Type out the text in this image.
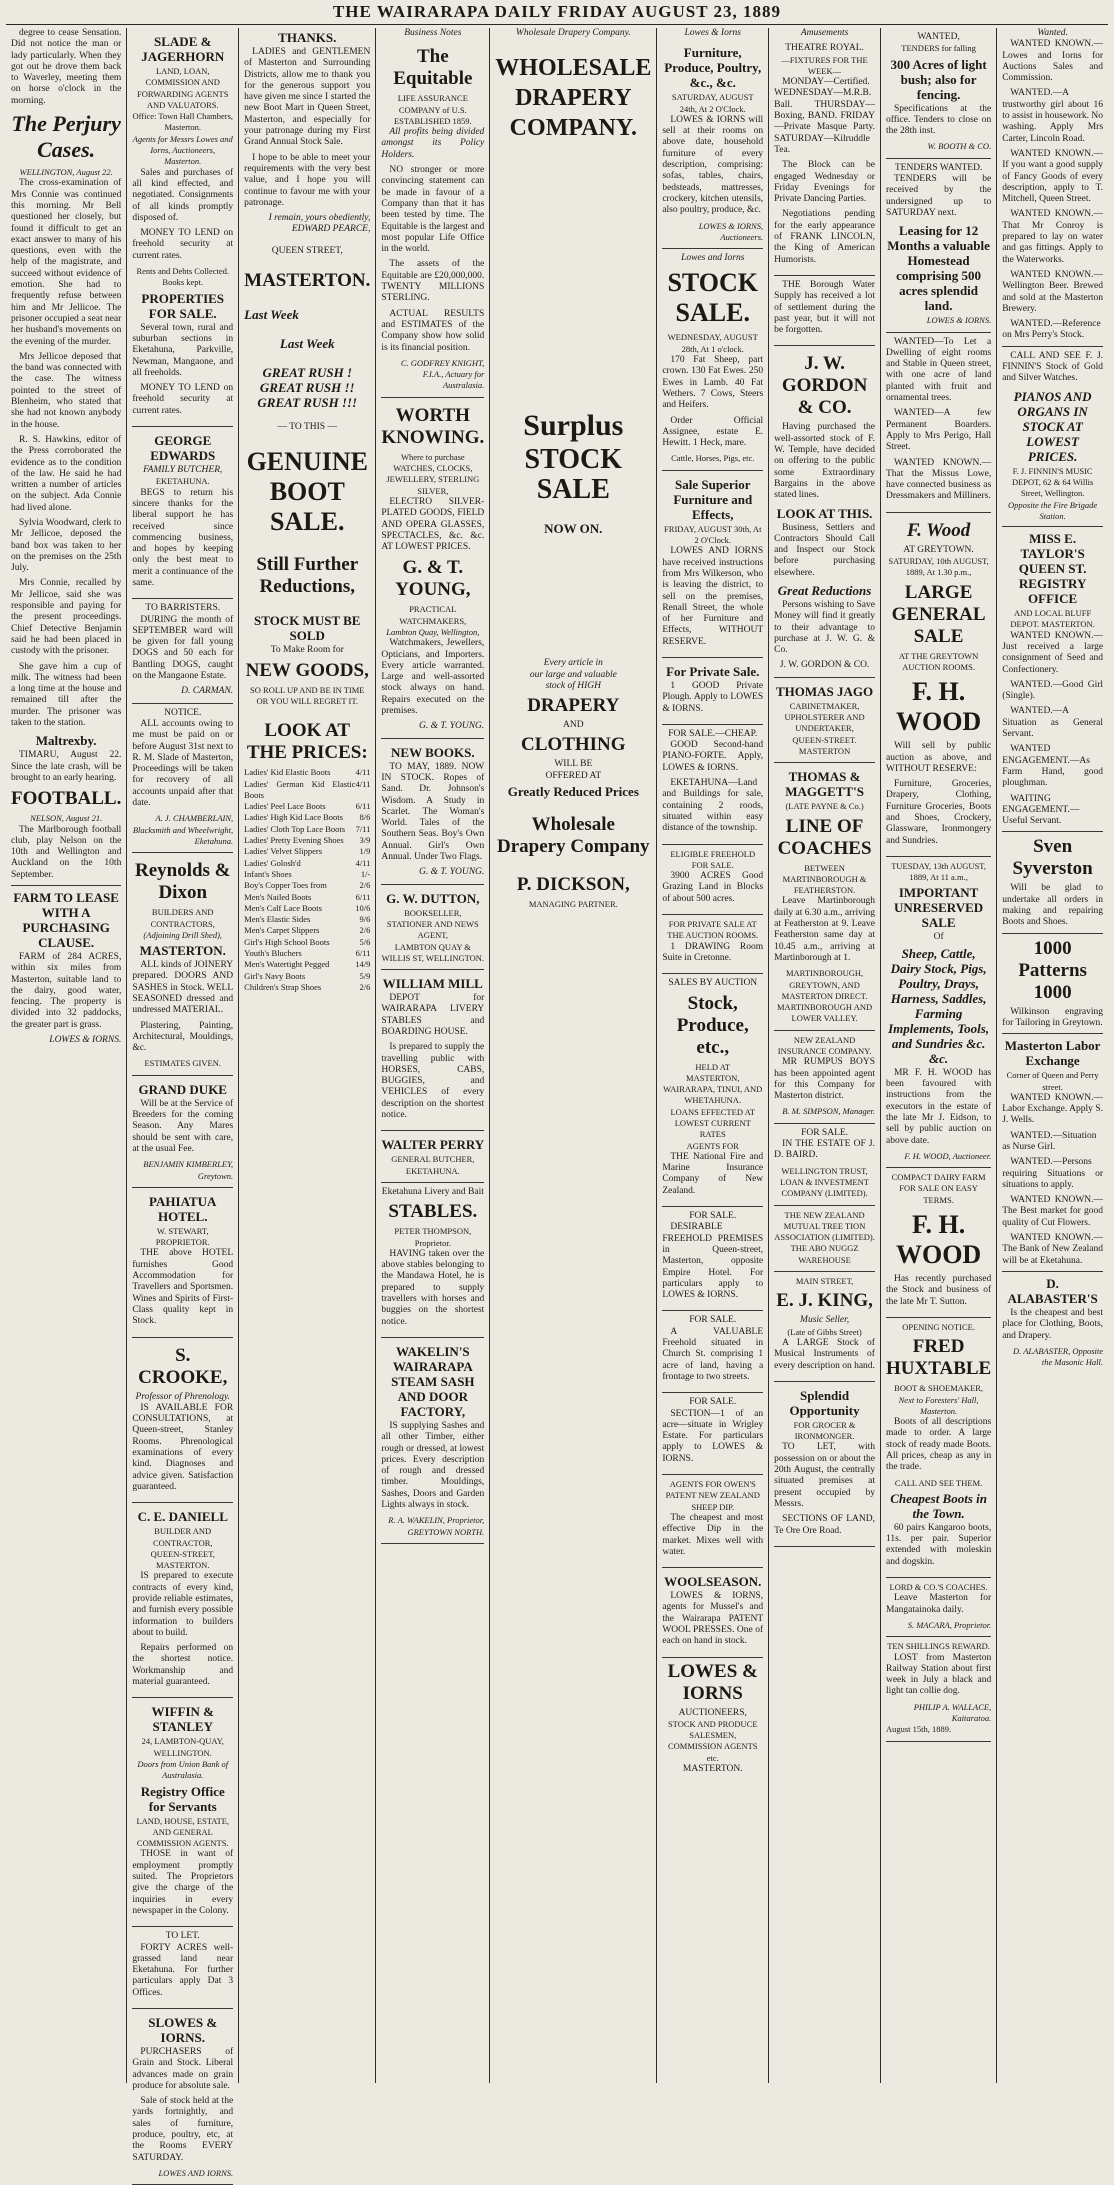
THE WAIRARAPA DAILY FRIDAY AUGUST 23, 1889

degree to cease Sensation. Did not notice the man or lady particularly. When they got out he drove them back to Waverley, meeting them on horse o'clock in the morning.

The Perjury Cases.
WELLINGTON, August 22.

The cross-examination of Mrs Connie was continued this morning. Mr Bell questioned her closely, but found it difficult to get an exact answer to many of his questions, even with the help of the magistrate, and succeed without evidence of emotion. She had to frequently refuse between him and Mr Jellicoe. The prisoner occupied a seat near her husband's movements on the evening of the murder.

Mrs Jellicoe deposed that the band was connected with the case. The witness pointed to the street of Blenheim, who stated that she had not known anybody in the house.

R. S. Hawkins, editor of the Press corroborated the evidence as to the condition of the law. He said he had written a number of articles on the subject. Ada Connie had lived alone.

Sylvia Woodward, clerk to Mr Jellicoe, deposed the band box was taken to her on the premises on the 25th July.

Mrs Connie, recalled by Mr Jellicoe, said she was responsible and paying for the present proceedings. Chief Detective Benjamin said he had been placed in custody with the prisoner.

She gave him a cup of milk. The witness had been a long time at the house and remained till after the murder. The prisoner was taken to the station.

Maltrexby.

TIMARU, August 22. Since the late crash, will be brought to an early hearing.

FOOTBALL.
NELSON, August 21.

The Marlborough football club, play Nelson on the 10th and Wellington and Auckland on the 10th September.

FARM TO LEASE WITH A PURCHASING CLAUSE.

FARM of 284 ACRES, within six miles from Masterton, suitable land to the dairy, good water, fencing. The property is divided into 32 paddocks, the greater part is grass.

LOWES & IORNS.
SLADE & JAGERHORN
LAND, LOAN, COMMISSION AND FORWARDING AGENTS AND VALUATORS.
Office: Town Hall Chambers, Masterton.
Agents for Messrs Lowes and Iorns, Auctioneers, Masterton.

Sales and purchases of all kind effected, and negotiated. Consignments of all kinds promptly disposed of.

MONEY TO LEND on freehold security at current rates.

Rents and Debts Collected. Books kept.
PROPERTIES FOR SALE.

Several town, rural and suburban sections in Eketahuna, Parkville, Newman, Mangaone, and all freeholds.

MONEY TO LEND on freehold security at current rates.

GEORGE EDWARDS
FAMILY BUTCHER,
EKETAHUNA.

BEGS to return his sincere thanks for the liberal support he has received since commencing business, and hopes by keeping only the best meat to merit a continuance of the same.

TO BARRISTERS.

DURING the month of SEPTEMBER ward will be given for fall young DOGS and 50 each for Bantling DOGS, caught on the Mangaone Estate.

D. CARMAN.
NOTICE.

ALL accounts owing to me must be paid on or before August 31st next to R. M. Slade of Masterton, Proceedings will be taken for recovery of all accounts unpaid after that date.

A. J. CHAMBERLAIN, Blacksmith and Wheelwright, Eketahuna.
Reynolds & Dixon
BUILDERS AND CONTRACTORS,
(Adjoining Drill Shed),
MASTERTON.

ALL kinds of JOINERY prepared. DOORS AND SASHES in Stock. WELL SEASONED dressed and undressed MATERIAL.

Plastering, Painting, Architectural, Mouldings, &c.

ESTIMATES GIVEN.
GRAND DUKE

Will be at the Service of Breeders for the coming Season. Any Mares should be sent with care, at the usual Fee.

BENJAMIN KIMBERLEY, Greytown.
PAHIATUA HOTEL.
W. STEWART, PROPRIETOR.

THE above HOTEL furnishes Good Accommodation for Travellers and Sportsmen. Wines and Spirits of First-Class quality kept in Stock.

S. CROOKE,
Professor of Phrenology.

IS AVAILABLE FOR CONSULTATIONS, at Queen-street, Stanley Rooms. Phrenological examinations of every kind. Diagnoses and advice given. Satisfaction guaranteed.

C. E. DANIELL
BUILDER AND CONTRACTOR,
QUEEN-STREET, MASTERTON.

IS prepared to execute contracts of every kind, provide reliable estimates, and furnish every possible information to builders about to build.

Repairs performed on the shortest notice. Workmanship and material guaranteed.

WIFFIN & STANLEY
24, LAMBTON-QUAY, WELLINGTON.
Doors from Union Bank of Australasia.
Registry Office for Servants
LAND, HOUSE, ESTATE, AND GENERAL COMMISSION AGENTS.

THOSE in want of employment promptly suited. The Proprietors give the charge of the inquiries in every newspaper in the Colony.

TO LET.

FORTY ACRES well-grassed land near Eketahuna. For further particulars apply Dat 3 Offices.

SLOWES & IORNS.

PURCHASERS of Grain and Stock. Liberal advances made on grain produce for absolute sale.

Sale of stock held at the yards fortnightly, and sales of furniture, produce, poultry, etc, at the Rooms EVERY SATURDAY.

LOWES AND IORNS.
THANKS.

LADIES and GENTLEMEN of Masterton and Surrounding Districts, allow me to thank you for the generous support you have given me since I started the new Boot Mart in Queen Street, Masterton, and especially for your patronage during my First Grand Annual Stock Sale.

I hope to be able to meet your requirements with the very best value, and I hope you will continue to favour me with your patronage.

I remain, yours obediently, EDWARD PEARCE,
QUEEN STREET,
MASTERTON.
Last Week
Last Week
GREAT RUSH ! GREAT RUSH !! GREAT RUSH !!!
— TO THIS —
GENUINE BOOT SALE.
Still Further Reductions,
STOCK MUST BE SOLD
To Make Room for
NEW GOODS,
SO ROLL UP AND BE IN TIME
OR YOU WILL REGRET IT.
LOOK AT THE PRICES:
Ladies' Kid Elastic Boots	4/11
Ladies' German Kid Elastic Boots
4/11
Ladies' Peel Lace Boots	6/11
Ladies' High Kid Lace Boots 8/6
Ladies' Cloth Top Lace Boots 7/11
Ladies' Pretty Evening Shoes 3/9
Ladies' Velvet Slippers	1/9
Ladies' Golosh'd	4/11
Infant's Shoes	1/-
Boy's Copper Toes from	2/6
Men's Nailed Boots	6/11
Men's Calf Lace Boots	10/6
Men's Elastic Sides	9/6
Men's Carpet Slippers	2/6
Girl's High School Boots	5/6
Youth's Bluchers	6/11
Men's Watertight Pegged	14/9
Girl's Navy Boots	5/9
Children's Strap Shoes	2/6
Business Notes
The Equitable
LIFE ASSURANCE COMPANY of U.S.
ESTABLISHED 1859.

All profits being divided amongst its Policy Holders.

NO stronger or more convincing statement can be made in favour of a Company than that it has been tested by time. The Equitable is the largest and most popular Life Office in the world.

The assets of the Equitable are £20,000,000. TWENTY MILLIONS STERLING.

ACTUAL RESULTS and ESTIMATES of the Company show how solid is its financial position.

C. GODFREY KNIGHT, F.I.A., Actuary for Australasia.
WORTH KNOWING.
Where to purchase WATCHES, CLOCKS, JEWELLERY, STERLING SILVER,

ELECTRO SILVER-PLATED GOODS, FIELD AND OPERA GLASSES, SPECTACLES, &c. &c. AT LOWEST PRICES.

G. & T. YOUNG,
PRACTICAL WATCHMAKERS,
Lambton Quay, Wellington,

Watchmakers, Jewellers, Opticians, and Importers. Every article warranted. Large and well-assorted stock always on hand. Repairs executed on the premises.

G. & T. YOUNG.
NEW BOOKS.

TO MAY, 1889. NOW IN STOCK. Ropes of Sand. Dr. Johnson's Wisdom. A Study in Scarlet. The Woman's World. Tales of the Southern Seas. Boy's Own Annual. Girl's Own Annual. Under Two Flags.

G. & T. YOUNG.
G. W. DUTTON,
BOOKSELLER, STATIONER AND NEWS AGENT,
LAMBTON QUAY & WILLIS ST, WELLINGTON.
WILLIAM MILL

DEPOT for WAIRARAPA LIVERY STABLES and BOARDING HOUSE.

Is prepared to supply the travelling public with HORSES, CABS, BUGGIES, and VEHICLES of every description on the shortest notice.

WALTER PERRY
GENERAL BUTCHER,
EKETAHUNA.
Eketahuna Livery and Bait
STABLES.
PETER THOMPSON, Proprietor.

HAVING taken over the above stables belonging to the Mandawa Hotel, he is prepared to supply travellers with horses and buggies on the shortest notice.

WAKELIN'S WAIRARAPA STEAM SASH AND DOOR FACTORY,

IS supplying Sashes and all other Timber, either rough or dressed, at lowest prices. Every description of rough and dressed timber. Mouldings, Sashes, Doors and Garden Lights always in stock.

R. A. WAKELIN, Proprietor, GREYTOWN NORTH.
Wholesale Drapery Company.
WHOLESALE DRAPERY COMPANY.
Surplus
STOCK SALE
NOW ON.
Every article in
our large and valuable
stock of HIGH
DRAPERY
AND
CLOTHING
WILL BE
OFFERED AT
Greatly Reduced Prices
Wholesale Drapery Company
P. DICKSON,
MANAGING PARTNER.
Lowes & Iorns
Furniture, Produce, Poultry, &c., &c.
SATURDAY, AUGUST 24th, At 2 O'Clock.

LOWES & IORNS will sell at their rooms on above date, household furniture of every description, comprising: sofas, tables, chairs, bedsteads, mattresses, crockery, kitchen utensils, also poultry, produce, &c.

LOWES & IORNS, Auctioneers.
Lowes and Iorns
STOCK SALE.
WEDNESDAY, AUGUST 28th, At 1 o'clock.

170 Fat Sheep, part crown. 130 Fat Ewes. 250 Ewes in Lamb. 40 Fat Wethers. 7 Cows, Steers and Heifers.

Order Official Assignee, estate E. Hewitt. 1 Heck, mare.

Cattle, Horses, Pigs, etc.
Sale Superior Furniture and Effects,
FRIDAY, AUGUST 30th, At 2 O'Clock.

LOWES AND IORNS have received instructions from Mrs Wilkerson, who is leaving the district, to sell on the premises, Renall Street, the whole of her Furniture and Effects, WITHOUT RESERVE.

For Private Sale.

1 GOOD Private Plough. Apply to LOWES & IORNS.

FOR SALE.—CHEAP.

GOOD Second-hand PIANO-FORTE. Apply, LOWES & IORNS.

EKETAHUNA—Land and Buildings for sale, containing 2 roods, situated within easy distance of the township.

ELIGIBLE FREEHOLD FOR SALE.

3900 ACRES Good Grazing Land in Blocks of about 500 acres.

FOR PRIVATE SALE AT THE AUCTION ROOMS.

1 DRAWING Room Suite in Cretonne.

SALES BY AUCTION
Stock, Produce, etc.,
HELD AT
MASTERTON, WAIRARAPA, TINUI, AND WHETAHUNA.
LOANS EFFECTED AT LOWEST CURRENT RATES
AGENTS FOR

THE National Fire and Marine Insurance Company of New Zealand.

FOR SALE.

DESIRABLE FREEHOLD PREMISES in Queen-street, Masterton, opposite Empire Hotel. For particulars apply to LOWES & IORNS.

FOR SALE.

A VALUABLE Freehold situated in Church St. comprising 1 acre of land, having a frontage to two streets.

FOR SALE.

SECTION—1 of an acre—situate in Wrigley Estate. For particulars apply to LOWES & IORNS.

AGENTS FOR OWEN'S PATENT NEW ZEALAND SHEEP DIP.

The cheapest and most effective Dip in the market. Mixes well with water.

WOOLSEASON.

LOWES & IORNS, agents for Mussel's and the Wairarapa PATENT WOOL PRESSES. One of each on hand in stock.

LOWES & IORNS
AUCTIONEERS,
STOCK AND PRODUCE SALESMEN,
COMMISSION AGENTS etc.
MASTERTON.
Amusements
THEATRE ROYAL.
—FIXTURES FOR THE WEEK—

MONDAY—Certified. WEDNESDAY—M.R.B. Ball. THURSDAY—Boxing, BAND. FRIDAY—Private Masque Party. SATURDAY—Kilruddle Tea.

The Block can be engaged Wednesday or Friday Evenings for Private Dancing Parties.

Negotiations pending for the early appearance of FRANK LINCOLN, the King of American Humorists.

THE Borough Water Supply has received a lot of settlement during the past year, but it will not be forgotten.

J. W. GORDON & CO.

Having purchased the well-assorted stock of F. W. Temple, have decided on offering to the public some Extraordinary Bargains in the above stated lines.

LOOK AT THIS.

Business, Settlers and Contractors Should Call and Inspect our Stock before purchasing elsewhere.

Great Reductions

Persons wishing to Save Money will find it greatly to their advantage to purchase at J. W. G. & Co.

J. W. GORDON & CO.
THOMAS JAGO
CABINETMAKER, UPHOLSTERER AND UNDERTAKER,
QUEEN-STREET. MASTERTON
THOMAS & MAGGETT'S
(LATE PAYNE & Co.)
LINE OF COACHES
BETWEEN
MARTINBOROUGH & FEATHERSTON.

Leave Martinborough daily at 6.30 a.m., arriving at Featherston at 9. Leave Featherston same day at 10.45 a.m., arriving at Martinborough at 1.

MARTINBOROUGH, GREYTOWN, AND MASTERTON DIRECT.
MARTINBOROUGH AND LOWER VALLEY.
NEW ZEALAND INSURANCE COMPANY.

MR RUMPUS BOYS has been appointed agent for this Company for Masterton district.

B. M. SIMPSON, Manager.
FOR SALE.

IN THE ESTATE OF J. D. BAIRD.

WELLINGTON TRUST, LOAN & INVESTMENT COMPANY (LIMITED).
THE NEW ZEALAND MUTUAL TREE TION ASSOCIATION (LIMITED).
THE ABO NUGGZ WAREHOUSE
MAIN STREET,
E. J. KING,
Music Seller,
(Late of Gibbs Street)

A LARGE Stock of Musical Instruments of every description on hand.

Splendid Opportunity
FOR GROCER & IRONMONGER.

TO LET, with possession on or about the 20th August, the centrally situated premises at present occupied by Messrs.

SECTIONS OF LAND, Te Ore Ore Road.

WANTED,
TENDERS for falling
300 Acres of light bush; also for fencing.

Specifications at the office. Tenders to close on the 28th inst.

W. BOOTH & CO.
TENDERS WANTED.

TENDERS will be received by the undersigned up to SATURDAY next.

Leasing for 12 Months a valuable Homestead comprising 500 acres splendid land.
LOWES & IORNS.

WANTED—To Let a Dwelling of eight rooms and Stable in Queen street, with one acre of land planted with fruit and ornamental trees.

WANTED—A few Permanent Boarders. Apply to Mrs Perigo, Hall Street.

WANTED KNOWN.—That the Missus Lowe, have connected business as Dressmakers and Milliners.

F. Wood
AT GREYTOWN.
SATURDAY, 10th AUGUST, 1889, At 1.30 p.m.,
LARGE GENERAL SALE
AT THE GREYTOWN AUCTION ROOMS.
F. H. WOOD

Will sell by public auction as above, and WITHOUT RESERVE:

Furniture, Groceries, Drapery, Clothing, Furniture Groceries, Boots and Shoes, Crockery, Glassware, Ironmongery and Sundries.

TUESDAY, 13th AUGUST, 1889, At 11 a.m.,
IMPORTANT UNRESERVED SALE
Of
Sheep, Cattle, Dairy Stock, Pigs, Poultry, Drays, Harness, Saddles, Farming Implements, Tools, and Sundries &c. &c.

MR F. H. WOOD has been favoured with instructions from the executors in the estate of the late Mr J. Eidson, to sell by public auction on above date.

F. H. WOOD, Auctioneer.
COMPACT DAIRY FARM FOR SALE ON EASY TERMS.
F. H. WOOD

Has recently purchased the Stock and business of the late Mr T. Sutton.

OPENING NOTICE.
FRED HUXTABLE
BOOT & SHOEMAKER,
Next to Foresters' Hall, Masterton.

Boots of all descriptions made to order. A large stock of ready made Boots. All prices, cheap as any in the trade.

CALL AND SEE THEM.
Cheapest Boots in the Town.

60 pairs Kangaroo boots, 11s. per pair. Superior extended with moleskin and dogskin.

LORD & CO.'S COACHES.

Leave Masterton for Mangatainoka daily.

S. MACARA, Proprietor.
TEN SHILLINGS REWARD.

LOST from Masterton Railway Station about first week in July a black and light tan collie dog.

PHILIP A. WALLACE, Kaitaratoa.
August 15th, 1889.
Wanted.

WANTED KNOWN.—Lowes and Iorns for Auctions Sales and Commission.

WANTED.—A trustworthy girl about 16 to assist in housework. No washing. Apply Mrs Carter, Lincoln Road.

WANTED KNOWN.—If you want a good supply of Fancy Goods of every description, apply to T. Mitchell, Queen Street.

WANTED KNOWN.—That Mr Conroy is prepared to lay on water and gas fittings. Apply to the Waterworks.

WANTED KNOWN.—Wellington Beer. Brewed and sold at the Masterton Brewery.

WANTED.—Reference on Mrs Perry's Stock.

CALL AND SEE F. J. FINNIN'S Stock of Gold and Silver Watches.

PIANOS AND ORGANS IN STOCK AT LOWEST PRICES.
F. J. FINNIN'S MUSIC DEPOT, 62 & 64 Willis Street, Wellington.
Opposite the Fire Brigade Station.
MISS E. TAYLOR'S QUEEN ST. REGISTRY OFFICE
AND LOCAL BLUFF DEPOT. MASTERTON.

WANTED KNOWN.—Just received a large consignment of Seed and Confectionery.

WANTED.—Good Girl (Single).

WANTED.—A Situation as General Servant.

WANTED ENGAGEMENT.—As Farm Hand, good ploughman.

WAITING ENGAGEMENT.—Useful Servant.

Sven Syverston

Will be glad to undertake all orders in making and repairing Boots and Shoes.

1000 Patterns 1000

Wilkinson engraving for Tailoring in Greytown.

Masterton Labor Exchange
Corner of Queen and Perry street.

WANTED KNOWN.—Labor Exchange. Apply S. J. Wells.

WANTED.—Situation as Nurse Girl.

WANTED.—Persons requiring Situations or situations to apply.

WANTED KNOWN.—The Best market for good quality of Cut Flowers.

WANTED KNOWN.—The Bank of New Zealand will be at Eketahuna.

D. ALABASTER'S

Is the cheapest and best place for Clothing, Boots, and Drapery.

D. ALABASTER, Opposite the Masonic Hall.
